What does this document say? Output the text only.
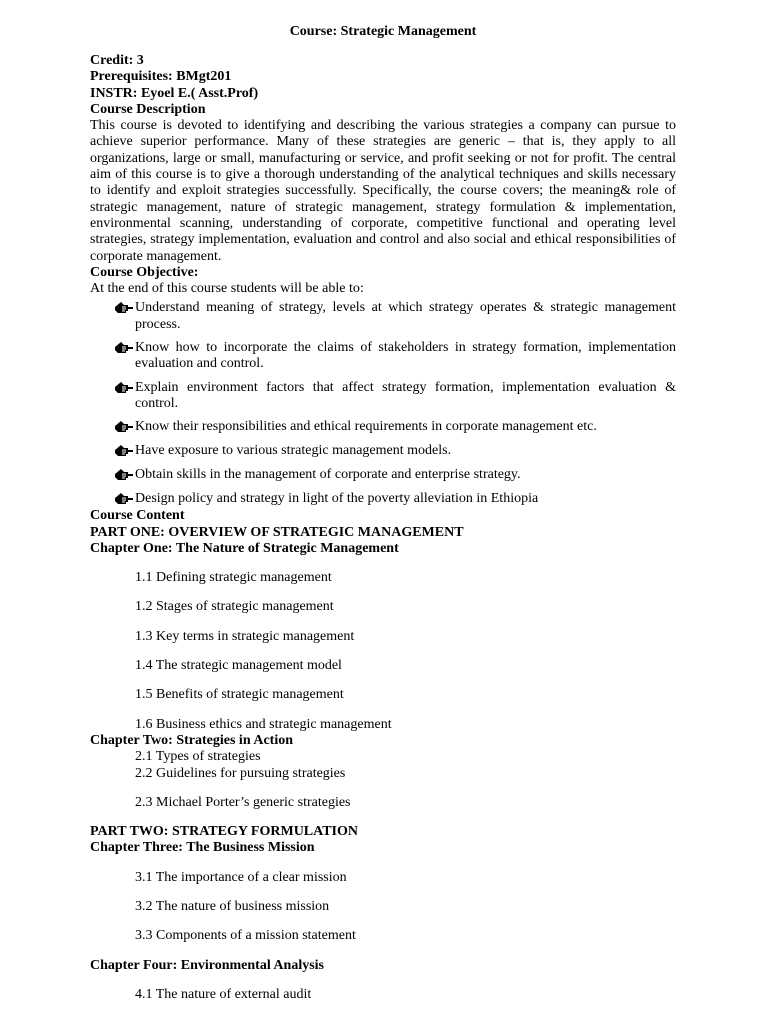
Course: Strategic Management

Credit: 3

Prerequisites: BMgt201

INSTR: Eyoel E.( Asst.Prof)

Course Description

This course is devoted to identifying and describing the various strategies a company can pursue to achieve superior performance. Many of these strategies are generic – that is, they apply to all organizations, large or small, manufacturing or service, and profit seeking or not for profit. The central aim of this course is to give a thorough understanding of the analytical techniques and skills necessary to identify and exploit strategies successfully. Specifically, the course covers; the meaning& role of strategic management, nature of strategic management, strategy formulation & implementation, environmental scanning, understanding of corporate, competitive functional and operating level strategies, strategy implementation, evaluation and control and also social and ethical responsibilities of corporate management.

Course Objective:

At the end of this course students will be able to:

Understand meaning of strategy, levels at which strategy operates & strategic management process.
Know how to incorporate the claims of stakeholders in strategy formation, implementation evaluation and control.
Explain environment factors that affect strategy formation, implementation evaluation & control.
Know their responsibilities and ethical requirements in corporate management etc.
Have exposure to various strategic management models.
Obtain skills in the management of corporate and enterprise strategy.
Design policy and strategy in light of the poverty alleviation in Ethiopia

Course Content

PART ONE: OVERVIEW OF STRATEGIC MANAGEMENT

Chapter One: The Nature of Strategic Management

1.1 Defining strategic management

1.2 Stages of strategic management

1.3 Key terms in strategic management

1.4 The strategic management model

1.5 Benefits of strategic management

1.6 Business ethics and strategic management

Chapter Two: Strategies in Action

2.1 Types of strategies

2.2 Guidelines for pursuing strategies

2.3 Michael Porter’s generic strategies

PART TWO: STRATEGY FORMULATION

Chapter Three: The Business Mission

3.1 The importance of a clear mission

3.2 The nature of business mission

3.3 Components of a mission statement

Chapter Four: Environmental Analysis

4.1 The nature of external audit
